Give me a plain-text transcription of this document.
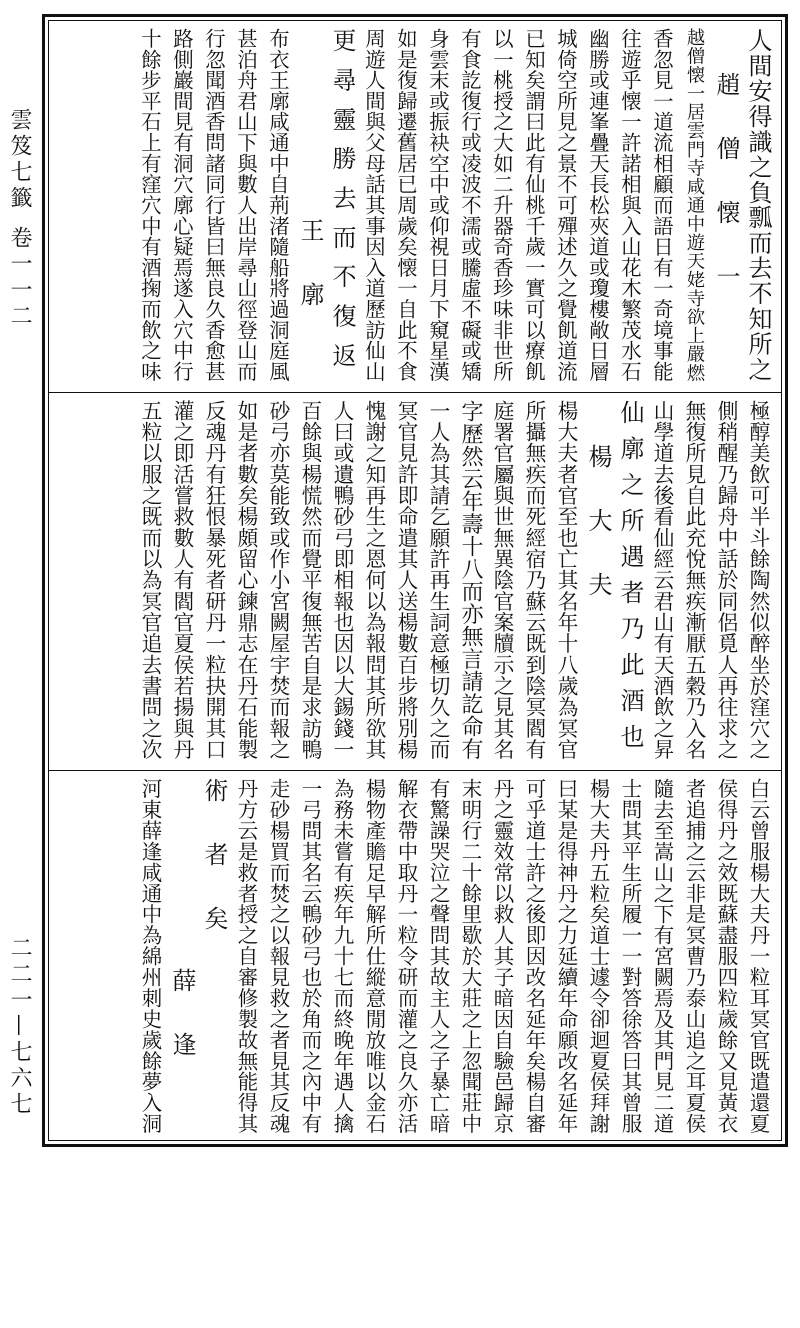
雲笈七籤
卷一一二
二二一—七六七
人間安得識之負瓢而去不知所之
趙僧懐一
越僧懐一居雲門寺咸通中遊天姥寺欲上嚴燃
香忽見一道流相顧而語日有一奇境事能
往遊乎懐一許諾相與入山花木繁茂水石
幽勝或連峯疊天長松夾道或瓊樓敞日層
城倚空所見之景不可殫述久之覺飢道流
已知矣謂曰此有仙桃千歲一實可以療飢
以一桃授之大如二升器奇香珍味非世所
有食訖復行或凌波不濡或騰虛不礙或矯
身雲末或振袂空中或仰視日月下窺星漢
如是復歸遷舊居已周歲矣懐一自此不食
周遊人間與父母話其事因入道歷訪仙山
更尋靈勝去而不復返
王廓
布衣王廓咸通中自荊渚隨船將過洞庭風
甚泊舟君山下與數人出岸尋山徑登山而
行忽聞酒香問諸同行皆曰無良久香愈甚
路側巖間見有洞穴廓心疑焉遂入穴中行
十餘步平石上有窪穴中有酒掬而飲之味
極醇美飲可半斗餘陶然似醉坐於窪穴之
側稍醒乃歸舟中話於同侶覓人再往求之
無復所見自此充悅無疾漸厭五穀乃入名
山學道去後看仙經云君山有天酒飲之昇
仙廓之所遇者乃此酒也
楊大夫
楊大夫者官至也亡其名年十八歲為冥官
所攝無疾而死經宿乃蘇云既到陰冥閻有
庭署官屬與世無異陰官案牘示之見其名
字歷然云年壽十八而亦無言請訖命有
一人為其請乞願許再生詞意極切久之而
冥官見許即命遣其人送楊數百步將別楊
愧謝之知再生之恩何以為報問其所欲其
人曰或遺鴨砂弓即相報也因以大錫錢一
百餘與楊慌然而覺平復無苦自是求訪鴨
砂弓亦莫能致或作小宮闕屋宇焚而報之
如是者數矣楊頗留心鍊鼎志在丹石能製
反魂丹有狂恨暴死者研丹一粒抉開其口
灌之即活嘗救數人有閻官夏侯若揚與丹
五粒以服之既而以為冥官追去書問之次
白云曾服楊大夫丹一粒耳冥官既遣還夏
侯得丹之效既蘇盡服四粒歲餘又見黃衣
者追捕之云非是冥曹乃泰山追之耳夏侯
隨去至嵩山之下有宮闕焉及其門見二道
士問其平生所履一一對答徐答曰其曾服
楊大夫丹五粒矣道士遽令卻迴夏侯拜謝
曰某是得神丹之力延續年命願改名延年
可乎道士許之後即因改名延年矣楊自審
丹之靈效常以救人其子暗因自驗邑歸京
末明行二十餘里歇於大莊之上忽聞莊中
有驚譟哭泣之聲問其故主人之子暴亡暗
解衣帶中取丹一粒令研而灌之良久亦活
楊物產贍足早解所仕縱意閒放唯以金石
為務未嘗有疾年九十七而終晚年遇人擒
一弓問其名云鴨砂弓也於角而之內中有
走砂楊買而焚之以報見救之者見其反魂
丹方云是救者授之自審修製故無能得其
術者矣
薛逢
河東薛逢咸通中為綿州刺史歲餘夢入洞
